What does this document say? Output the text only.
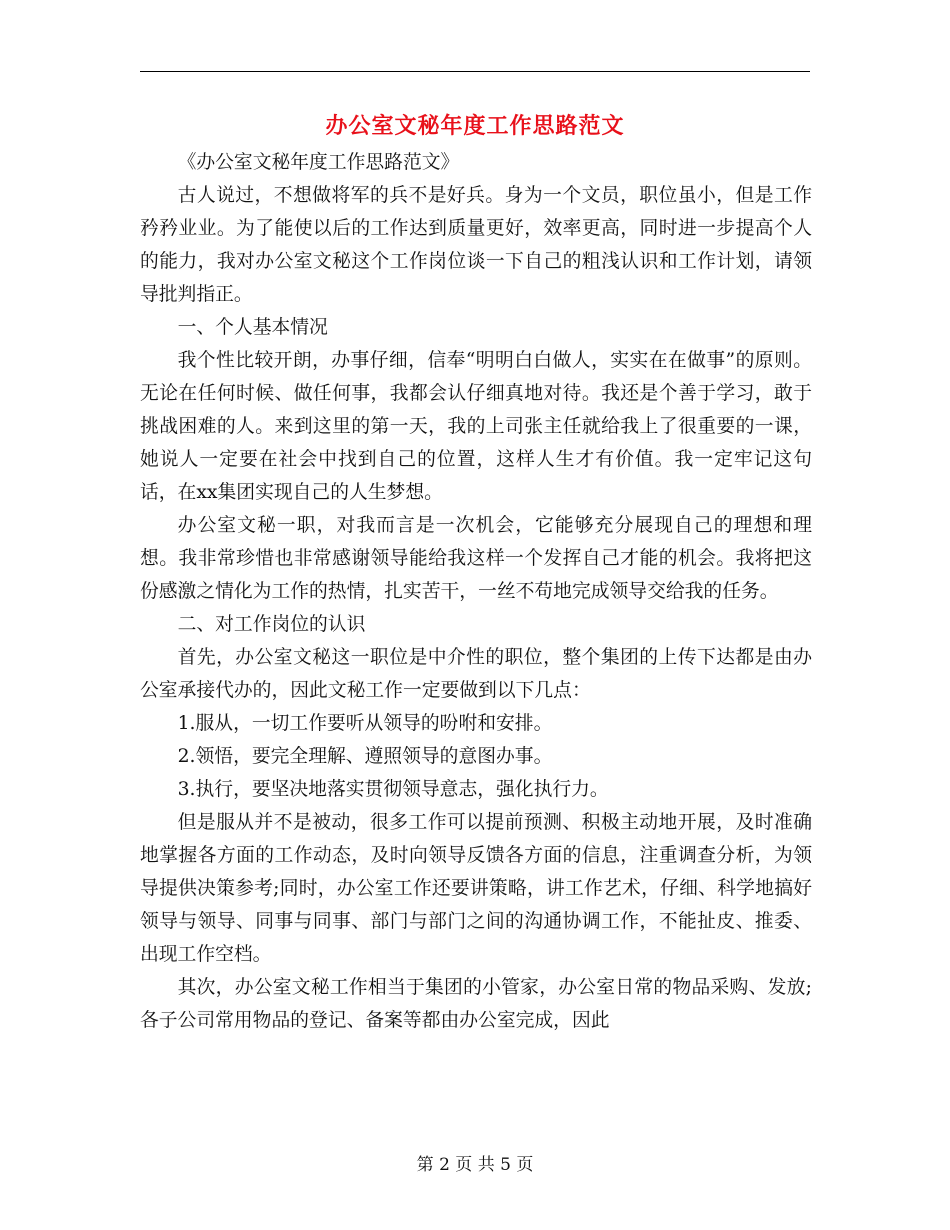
办公室文秘年度工作思路范文

《办公室文秘年度工作思路范文》

古人说过，不想做将军的兵不是好兵。身为一个文员，职位虽小，但是工作矜矜业业。为了能使以后的工作达到质量更好，效率更高，同时进一步提高个人的能力，我对办公室文秘这个工作岗位谈一下自己的粗浅认识和工作计划，请领导批判指正。

一、个人基本情况

我个性比较开朗，办事仔细，信奉“明明白白做人，实实在在做事”的原则。无论在任何时候、做任何事，我都会认仔细真地对待。我还是个善于学习，敢于挑战困难的人。来到这里的第一天，我的上司张主任就给我上了很重要的一课，她说人一定要在社会中找到自己的位置，这样人生才有价值。我一定牢记这句话，在xx集团实现自己的人生梦想。

办公室文秘一职，对我而言是一次机会，它能够充分展现自己的理想和理想。我非常珍惜也非常感谢领导能给我这样一个发挥自己才能的机会。我将把这份感激之情化为工作的热情，扎实苦干，一丝不苟地完成领导交给我的任务。

二、对工作岗位的认识

首先，办公室文秘这一职位是中介性的职位，整个集团的上传下达都是由办公室承接代办的，因此文秘工作一定要做到以下几点：

1.服从，一切工作要听从领导的吩咐和安排。

2.领悟，要完全理解、遵照领导的意图办事。

3.执行，要坚决地落实贯彻领导意志，强化执行力。

但是服从并不是被动，很多工作可以提前预测、积极主动地开展，及时准确地掌握各方面的工作动态，及时向领导反馈各方面的信息，注重调查分析，为领导提供决策参考;同时，办公室工作还要讲策略，讲工作艺术，仔细、科学地搞好领导与领导、同事与同事、部门与部门之间的沟通协调工作，不能扯皮、推委、出现工作空档。

其次，办公室文秘工作相当于集团的小管家，办公室日常的物品采购、发放;各子公司常用物品的登记、备案等都由办公室完成，因此

第 2 页 共 5 页
